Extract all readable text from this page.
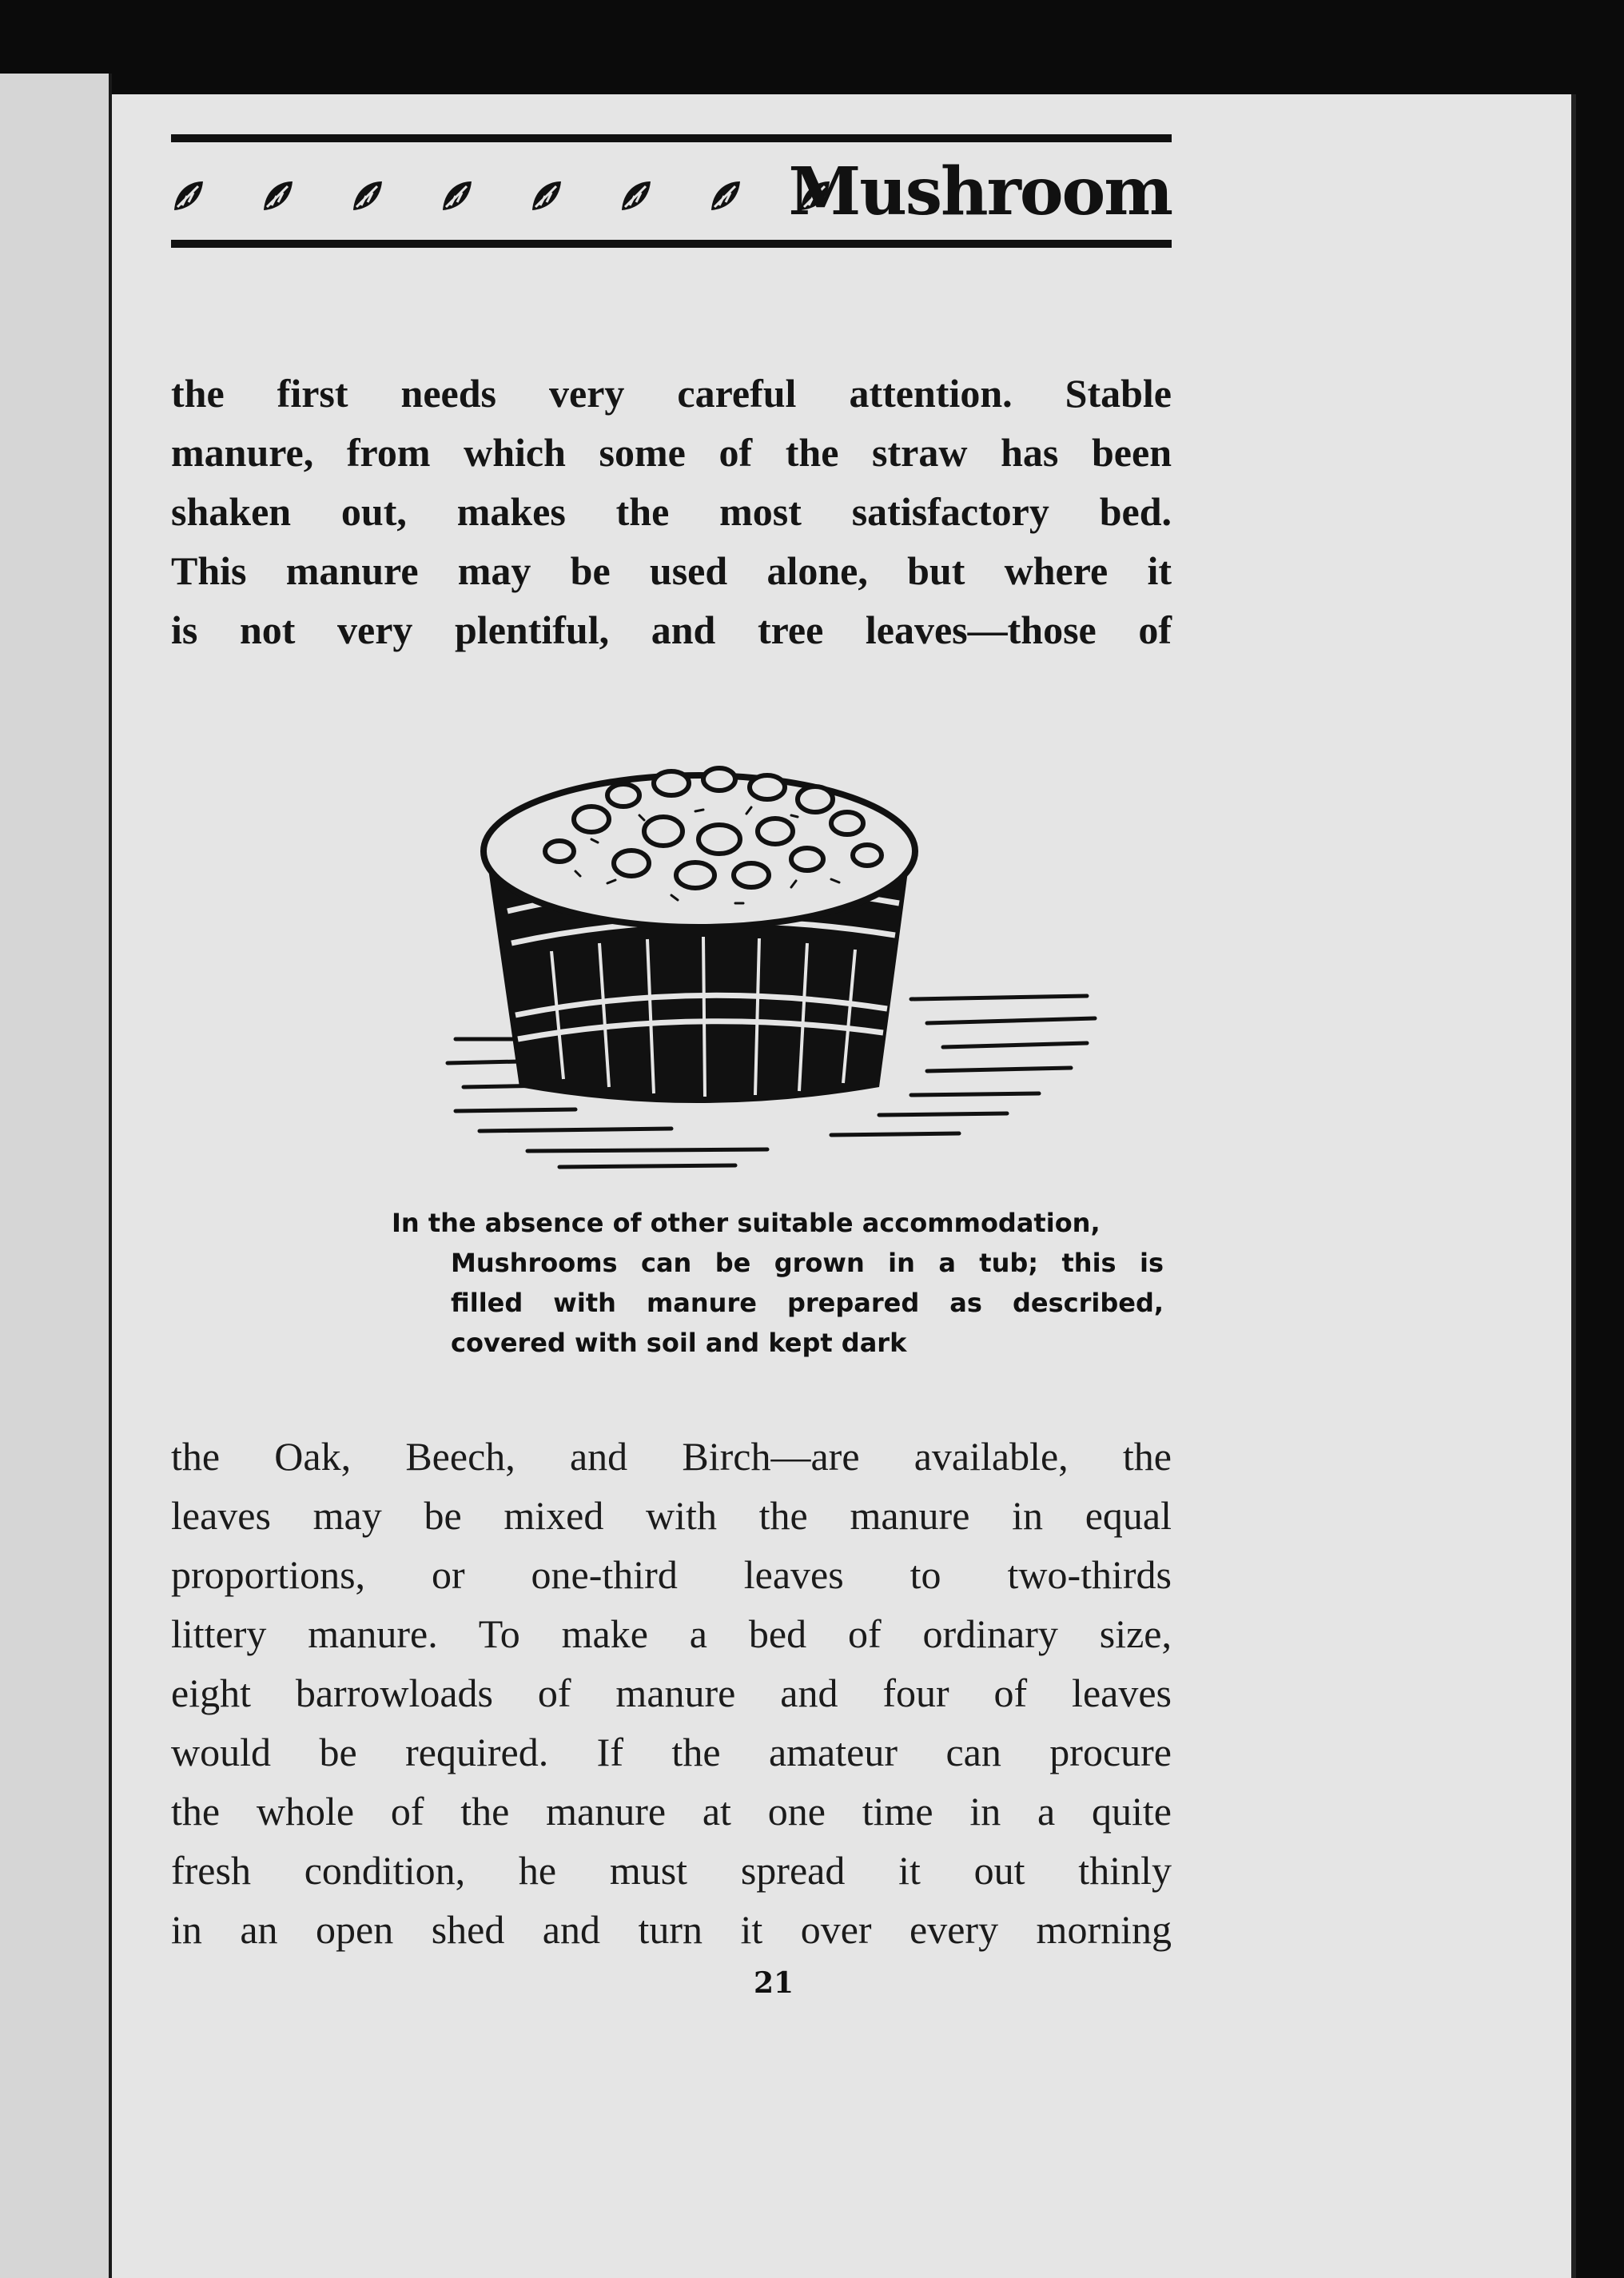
Mushroom

the first needs very careful attention. Stable
manure, from which some of the straw has been
shaken out, makes the most satisfactory bed.
This manure may be used alone, but where it
is not very plentiful, and tree leaves—those of

In the absence of other suitable accommodation,
Mushrooms can be grown in a tub; this is
filled with manure prepared as described,
covered with soil and kept dark

the Oak, Beech, and Birch—are available, the
leaves may be mixed with the manure in equal
proportions, or one-third leaves to two-thirds
littery manure. To make a bed of ordinary size,
eight barrowloads of manure and four of leaves
would be required. If the amateur can procure
the whole of the manure at one time in a quite
fresh condition, he must spread it out thinly
in an open shed and turn it over every morning

21
